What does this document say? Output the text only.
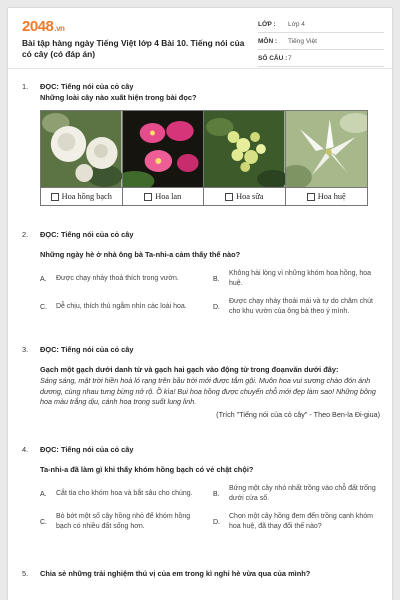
2048.vn
Bài tập hàng ngày Tiếng Việt lớp 4 Bài 10. Tiếng nói của cỏ cây (có đáp án)
LỚP :	Lớp 4
MÔN :	Tiếng Việt
SỐ CÂU : 7
1. ĐỌC: Tiếng nói của cỏ cây
Những loài cây nào xuất hiện trong bài đọc?
Hoa hồng bạch	Hoa lan	Hoa sữa	Hoa huệ
2. ĐỌC: Tiếng nói của cỏ cây
Những ngày hè ở nhà ông bà Ta-nhi-a cảm thấy thế nào?
A.	Được chạy nhảy thoả thích trong vườn.	B.
Không hài lòng vì những khóm hoa hồng, hoa huệ.
C.	Dễ chịu, thích thú ngắm nhìn các loài hoa.	D.
Được chạy nhảy thoải mái và tự do chăm chút cho khu vườn của ông bà theo ý mình.
3. ĐỌC: Tiếng nói của cỏ cây
Gạch một gạch dưới danh từ và gạch hai gạch vào động từ trong đoạnvăn dưới đây:
Sáng sáng, mặt trời hiền hoà ló rạng trên bầu trời mới được tắm gội. Muôn hoa vui sương chào đón ánh dương, cùng nhau tưng bừng nở rộ. Ồ kìa! Bụi hoa hồng được chuyển chỗ mới đẹp làm sao! Những bông hoa màu trắng dịu, cánh hoa trong suốt lung linh.
(Trích "Tiếng nói của cỏ cây" - Theo Ben-la Đi-giua)
4. ĐỌC: Tiếng nói của cỏ cây
Ta-nhi-a đã làm gì khi thấy khóm hồng bạch có vẻ chật chội?
A.	Cắt tỉa cho khóm hoa và bắt sâu cho chúng.	B.
Bứng một cây nhỏ nhất trồng vào chỗ đất trống dưới cửa sổ.
C.
Bỏ bớt một số cây hồng nhỏ để khóm hồng bạch có nhiều đất sống hơn.
D.
Chọn một cây hồng đem đến trồng cạnh khóm hoa huệ, đã thay đổi thế nào?
5. Chia sẻ những trải nghiệm thú vị của em trong kì nghỉ hè vừa qua của mình?
